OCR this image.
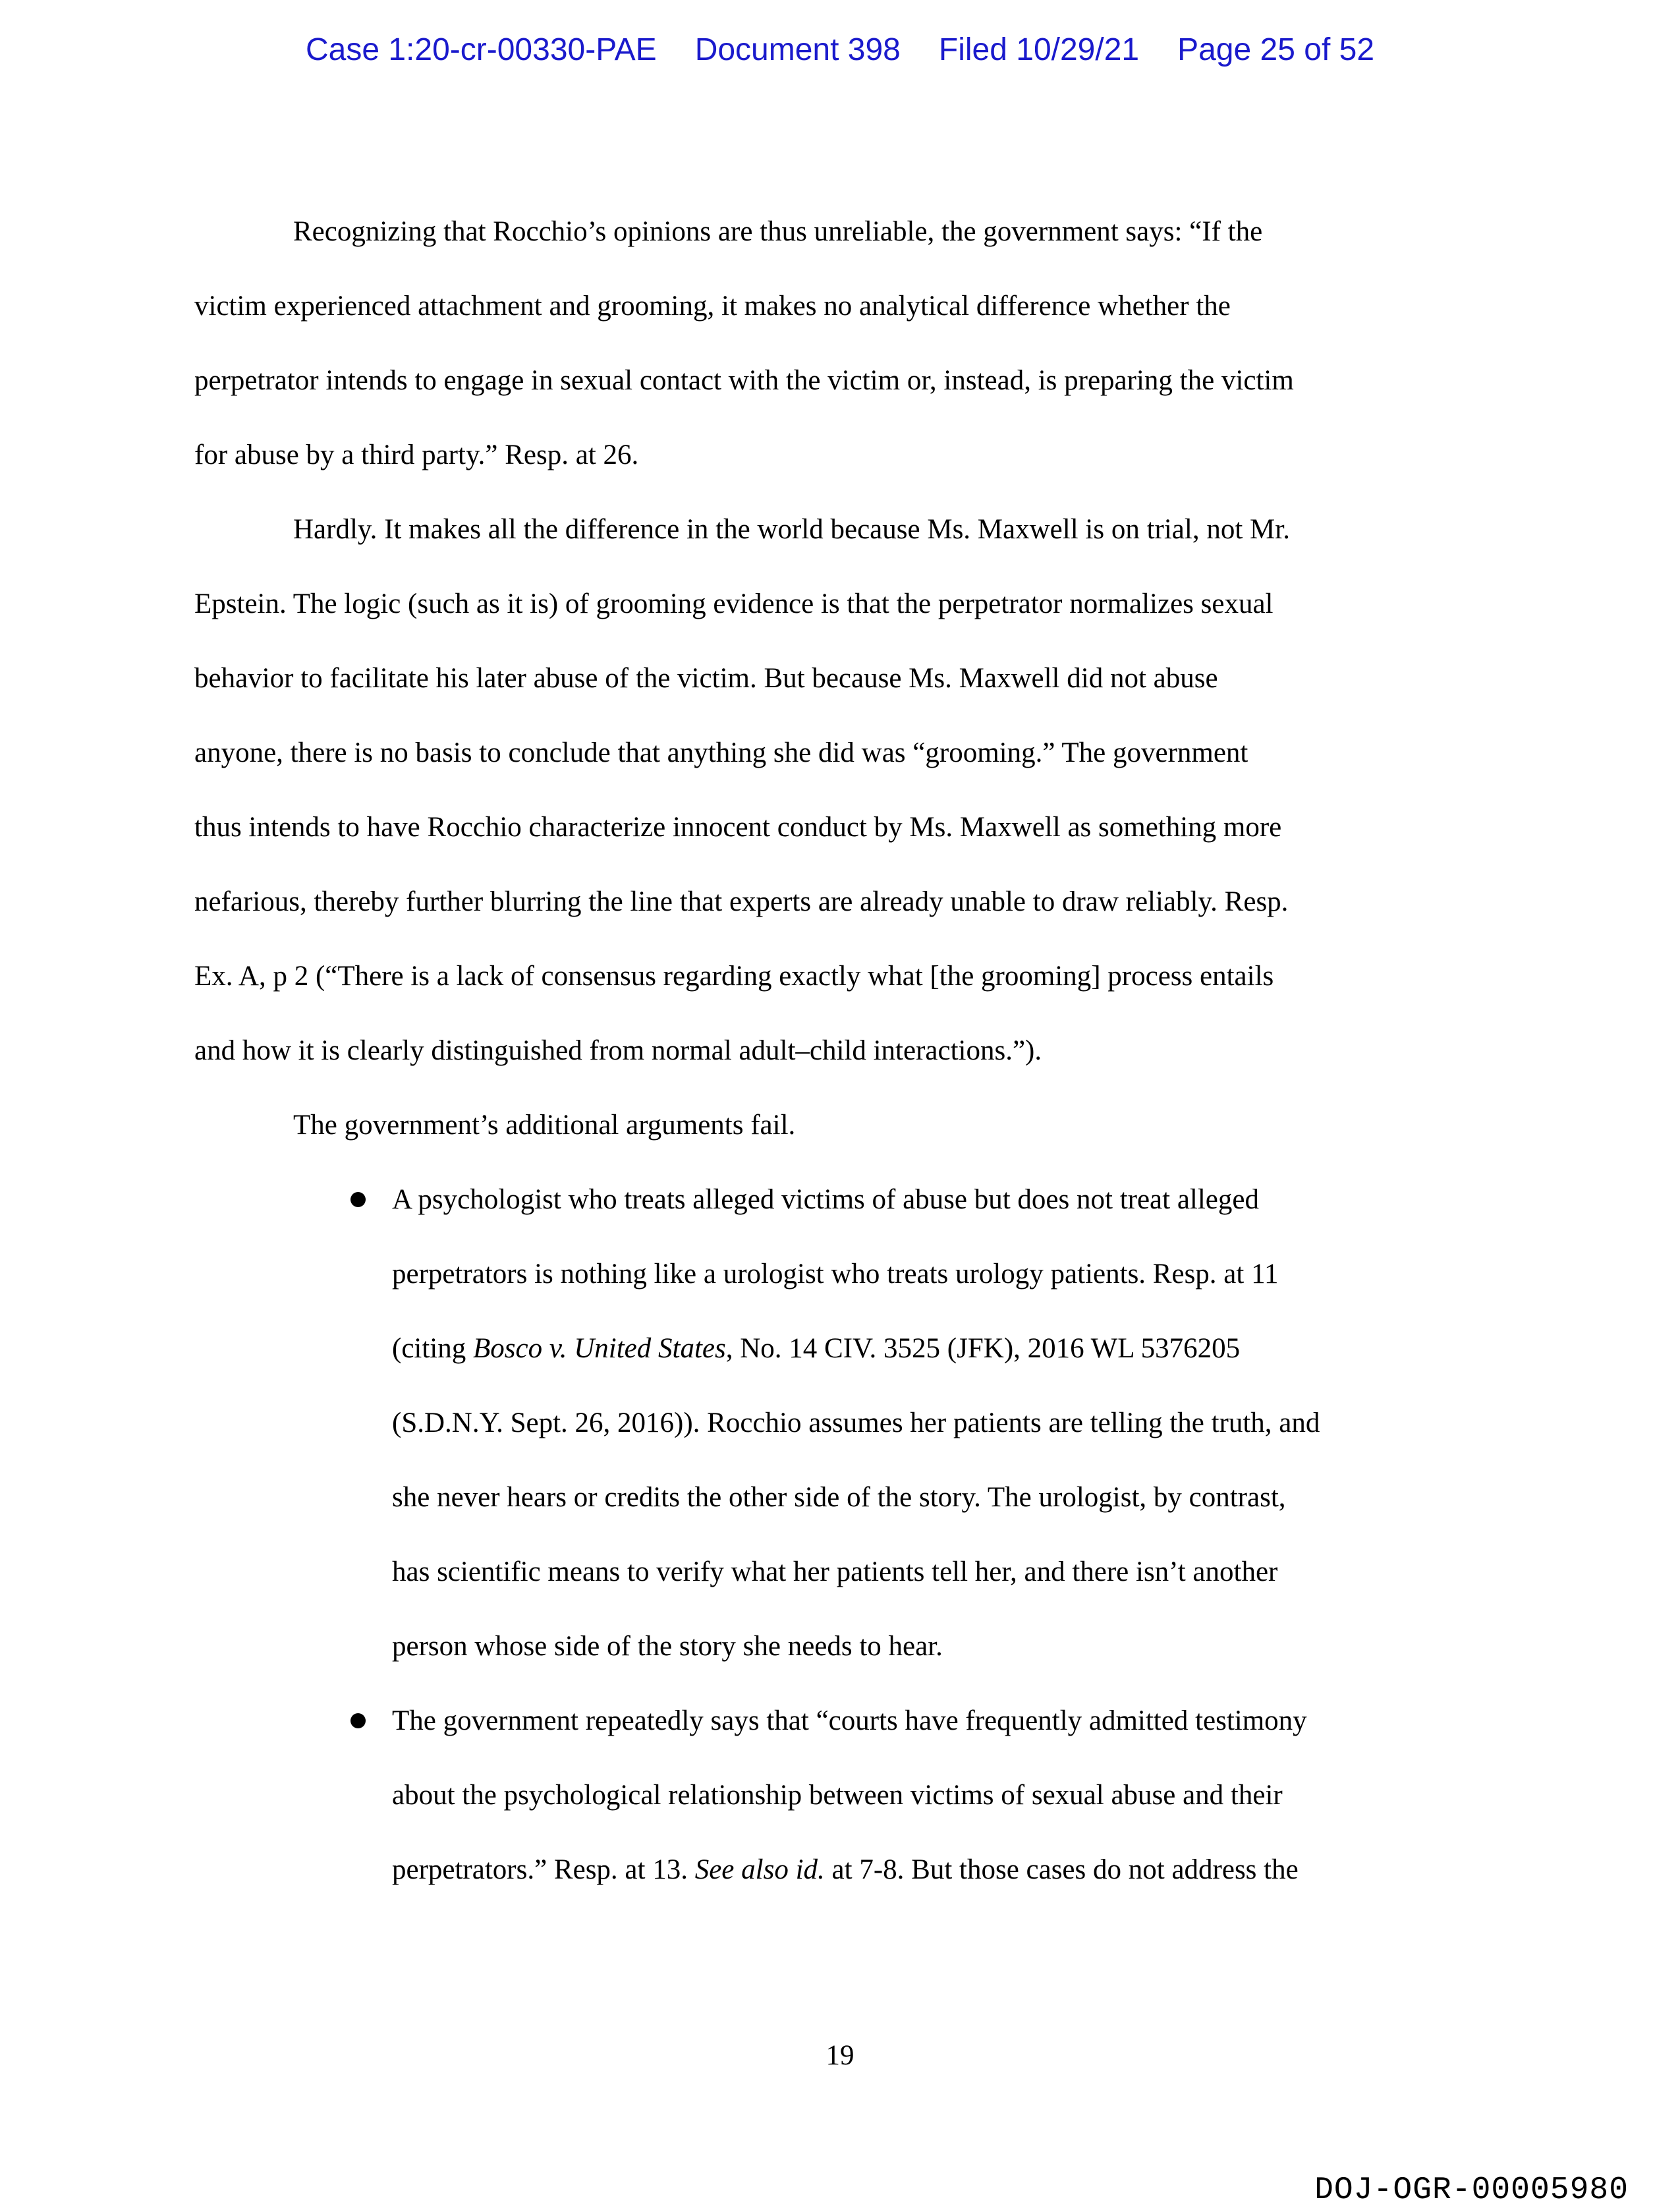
Case 1:20-cr-00330-PAE Document 398 Filed 10/29/21 Page 25 of 52
Recognizing that Rocchio’s opinions are thus unreliable, the government says: “If the
victim experienced attachment and grooming, it makes no analytical difference whether the
perpetrator intends to engage in sexual contact with the victim or, instead, is preparing the victim
for abuse by a third party.” Resp. at 26.
Hardly. It makes all the difference in the world because Ms. Maxwell is on trial, not Mr.
Epstein. The logic (such as it is) of grooming evidence is that the perpetrator normalizes sexual
behavior to facilitate his later abuse of the victim. But because Ms. Maxwell did not abuse
anyone, there is no basis to conclude that anything she did was “grooming.” The government
thus intends to have Rocchio characterize innocent conduct by Ms. Maxwell as something more
nefarious, thereby further blurring the line that experts are already unable to draw reliably. Resp.
Ex. A, p 2 (“There is a lack of consensus regarding exactly what [the grooming] process entails
and how it is clearly distinguished from normal adult–child interactions.”).
The government’s additional arguments fail.
A psychologist who treats alleged victims of abuse but does not treat alleged
perpetrators is nothing like a urologist who treats urology patients. Resp. at 11
(citing Bosco v. United States, No. 14 CIV. 3525 (JFK), 2016 WL 5376205
(S.D.N.Y. Sept. 26, 2016)). Rocchio assumes her patients are telling the truth, and
she never hears or credits the other side of the story. The urologist, by contrast,
has scientific means to verify what her patients tell her, and there isn’t another
person whose side of the story she needs to hear.
The government repeatedly says that “courts have frequently admitted testimony
about the psychological relationship between victims of sexual abuse and their
perpetrators.” Resp. at 13. See also id. at 7-8. But those cases do not address the
19
DOJ-OGR-00005980
